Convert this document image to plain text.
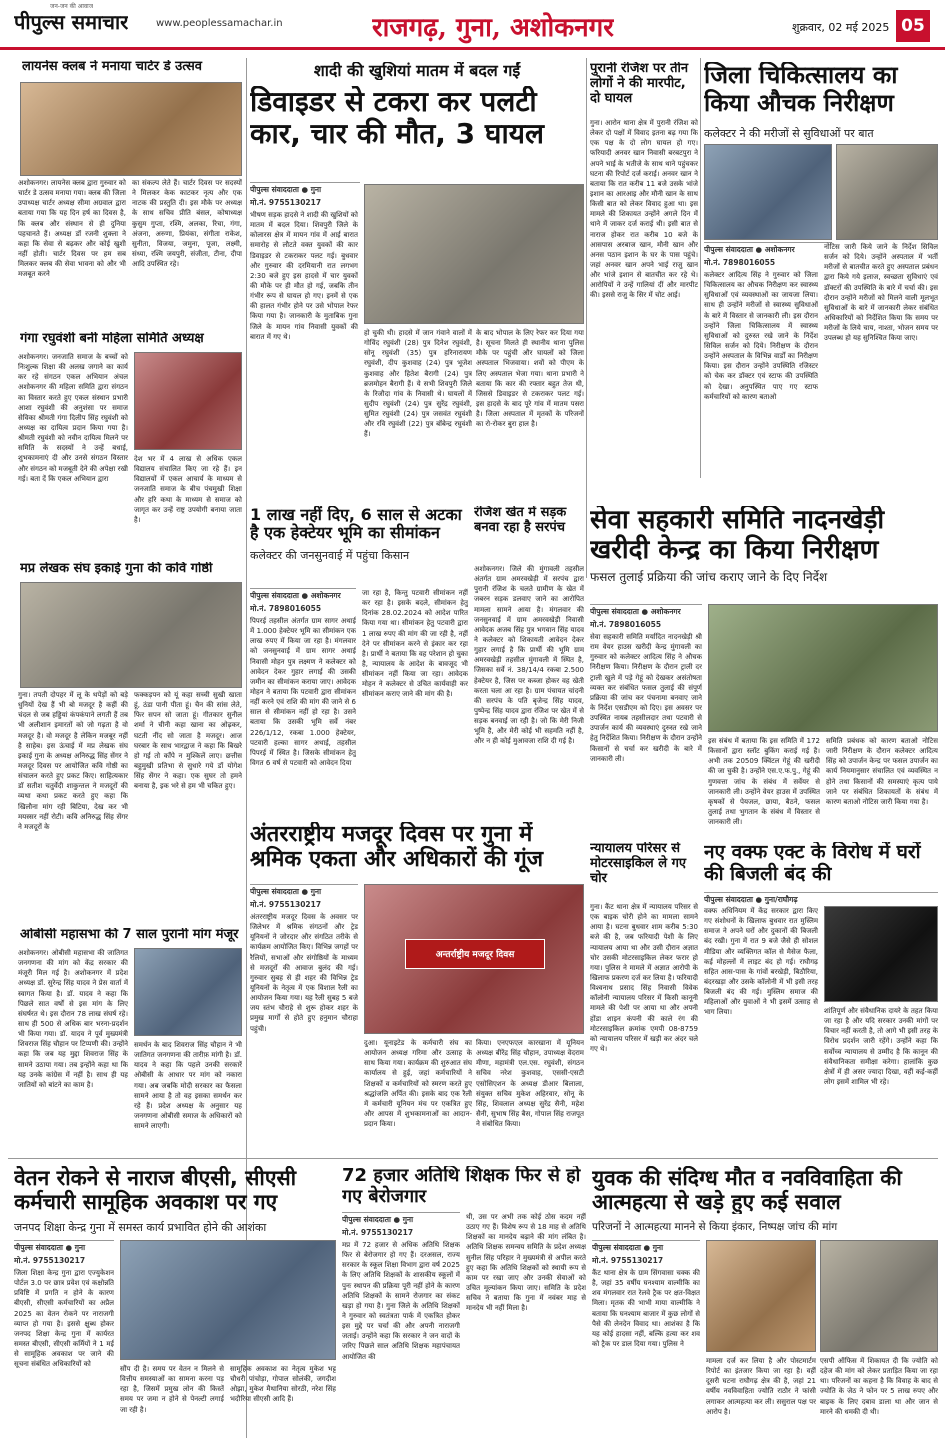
पीपुल्स समाचार
जन-जन की आवाज
www.peoplessamachar.in	राजगढ़, गुना, अशोकनगर	शुक्रवार, 02 मई 2025 05
लायनेस क्लब ने मनाया चार्टर डे उत्सव
अशोकनगर। लायनेस क्लब द्वारा गुरुवार को चार्टर डे उत्सव मनाया गया। क्लब की जिला उपाध्यक्ष चार्टर अध्यक्ष सीमा अग्रवाल द्वारा बताया गया कि यह दिन हर्ष का दिवस है, कि क्लब और संस्थान से ही दुनिया पहचानते हैं। अध्यक्ष डॉ रजनी शुक्ला ने कहा कि सेवा से बढ़कर और कोई खुशी नहीं होती। चार्टर दिवस पर हम सब मिलकर क्लब की सेवा भावना को और भी मजबूत करने
का संकल्प लेते हैं। चार्टर दिवस पर सदस्यों ने मिलकर केक काटकर नृत्य और एक नाटक की प्रस्तुति दी। इस मौके पर अध्यक्ष के साथ सचिव प्रीति बंसल, कोषाध्यक्ष कुसुम गुप्ता, रश्मि, अलका, रिचा, गंगा, अंजना, अरुणा, प्रियंका, संगीता राकेश, सुनीता, विजया, जमुना, पूजा, लक्ष्मी, संध्या, रश्मि जयपुरी, संजीता, टीना, दीपा आदि उपस्थित रहे।
गंगा रघुवंशी बनी महिला समिति अध्यक्ष
अशोकनगर। जनजाति समाज के बच्चों को निःशुल्क शिक्षा की अलख जगाने का कार्य कर रहे संगठन एकल अभियान अंचल अशोकनगर की महिला समिति द्वारा संगठन का विस्तार करते हुए एकल संस्थान प्रभारी आशा रघुवंशी की अनुशंसा पर समाज सेविका श्रीमती गंगा दिलीप सिंह रघुवंशी को अध्यक्ष का दायित्व प्रदान किया गया है। श्रीमती रघुवंशी को नवीन दायित्व मिलने पर समिति के सदस्यों ने उन्हें बधाई, शुभकामनाएं दी और उनसे संगठन विस्तार और संगठन को मजबूती देने की अपेक्षा रखी गई। बता दें कि एकल अभियान द्वारा
देश भर में 4 लाख से अधिक एकल विद्यालय संचालित किए जा रहे हैं। इन विद्यालयों में एकल आचार्य के माध्यम से जनजाति समाज के बीच पंचमुखी शिक्षा और हरि कथा के माध्यम से समाज को जागृत कर उन्हें राष्ट्र उपयोगी बनाया जाता है।
मप्र लेखक संघ इकाई गुना की कवि गोष्ठी
गुना। तपती दोपहर में लू के थपेड़ों को बड़े धुनियों देख हैं भी बो मजदूर है कहीं की चंदल से जब हड्डियां कंपकंपाने लगती हैं तब भी अलीशान इमारतों को जो गढ़ता है वो मजदूर है। वो मजदूर है लेकिन मजबूर नहीं है साहेब। इस ऊंचाई में मप्र लेखक संघ इकाई गुना के अध्यक्ष अनिरुद्ध सिंह सेंगर ने मजदूर दिवस पर आयोजित कवि गोष्ठी का संचालन करते हुए प्रकट किए। साहित्यकार डॉ सतीश चतुर्वेदी शाकुन्तल ने मजदूरों की व्यथा कथा प्रकट करते हुए कहा कि खिलौना मांग रही बिटिया, देख कर भी मयस्सर नहीं रोटी। कवि अनिरुद्ध सिंह सेंगर ने मजदूरों के
फक्कड़पन को यूं कहा सच्ची सुखी खाता हूं, ठंडा पानी पीता हूं। चैन की सांस लेते, फिर सपन सो जाता हूं। गीतकार सुनील शर्मा ने चीनी कहा खाना का ओढ़कर, घटती नींद सो जाता है मजदूर। आज घरबार के साथ भारद्वाज ने कहा कि बिखरे हो गई तो काँपे न मुश्किलें लाए। छत्तीस बहुमुखी प्रतिभा से सुधारे गये डॉ योगेश सिंह सेंगर ने कहा। एक सुघर तो हमने बनाया है, इक भरे से हम भी चकित हुए।
ओबीसी महासभा की 7 साल पुरानी मांग मंजूर
अशोकनगर। ओबीसी महासभा की जातिगत जनगणना की मांग को केंद्र सरकार की मंजूरी मिल गई है। अशोकनगर में प्रदेश अध्यक्ष डॉ. सुरेन्द्र सिंह यादव ने प्रेस वार्ता में स्वागत किया है। डॉ. यादव ने कहा कि पिछले सात वर्षों से इस मांग के लिए संघर्षरत थे। इस दौरान 78 लाख संघर्ष रहे। साथ ही 500 से अधिक बार भरना-प्रदर्शन भी किया गया। डॉ. यादव ने पूर्व मुख्यमंत्री शिवराज सिंह चौहान पर टिप्पणी की। उन्होंने कहा कि जब यह मुद्दा शिवराज सिंह के सामने उठाया गया। तब इन्होंने कहा था कि यह उनके कांग्रेस में नहीं है। साथ ही यह जातियों को बांटने का काम है।
समर्थन के बाद शिवराज सिंह चौहान ने भी जातिगत जनगणना की तारीफ़ मांगी है। डॉ. यादव ने कहा कि पहले उनकी सरकारें ओबीसी के आधार पर मांग को नकारा गया। अब जबकि मोदी सरकार का फैसला सामने आया है तो वह इसका समर्थन कर रहे हैं। प्रदेश अध्यक्ष के अनुसार यह जनगणना ओबीसी समाज के अधिकारों को सामने लाएगी।
शादी की खुशियां मातम में बदल गईं
डिवाइडर से टकरा कर पलटी कार, चार की मौत, 3 घायल
पीपुल्स संवाददाता ● गुना
मो.नं. 9755130217
भीषण सड़क हादसे ने शादी की खुशियों को मातम में बदल दिया। शिवपुरी जिले के कोलारस क्षेत्र में मायन गांव में आई बारात समारोह से लौटते वक्त युवकों की कार डिवाइडर से टकराकर पलट गई। बुधवार और गुरुवार की दरमियानी रात लगभग 2:30 बजे हुए इस हादसे में चार युवकों की मौके पर ही मौत हो गई, जबकि तीन गंभीर रूप से घायल हो गए। इनमें से एक की हालत गंभीर होने पर उसे भोपाल रेफर किया गया है। जानकारी के मुताबिक गुना जिले के मायन गांव निवासी युवकों की बारात में गए थे।	हो चुकी थी। हादसे में जान गंवाने वालों में गोविंद रघुवंशी (28) पुत्र दिनेश रघुवंशी, सोनू रघुवंशी (35) पुत्र हरिनारायण रघुवंशी, दीप कुशवाह (24) पुत्र भूजेश कुशवाह और हितेश बैरागी (24) पुत्र ब्रजमोहन बैरागी हैं। ये सभी शिवपुरी जिले के रिजौदा गांव के निवासी थे। घायलों में सुदीप रघुवंशी (24) पुत्र सुरेंद्र रघुवंशी, सुमित रघुवंशी (24) पुत्र जसवंत रघुवंशी और रवि रघुवंशी (22) पुत्र बॉबेन्द्र रघुवंशी हैं।
के बाद भोपाल के लिए रेफर कर दिया गया है। सूचना मिलते ही स्थानीय थाना पुलिस मौके पर पहुंची और घायलों को जिला अस्पताल भिजवाया। शवों को पीएम के लिए अस्पताल भेजा गया। थाना प्रभारी ने बताया कि कार की रफ्तार बहुत तेज थी, जिससे डिवाइडर से टकराकर पलट गई। इस हादसे के बाद पूरे गांव में मातम पसरा है। जिला अस्पताल में मृतकों के परिजनों का रो-रोकर बुरा हाल है।
पुरानी रंजिश पर तीन लोगों ने की मारपीट, दो घायल
गुना। आरोन थाना क्षेत्र में पुरानी रंजिश को लेकर दो पक्षों में विवाद इतना बढ़ गया कि एक पक्ष के दो लोग घायल हो गए। फरियादी अनवर खान निवासी बरबटपुरा ने अपने भाई के भतीजे के साथ थाने पहुंचकर घटना की रिपोर्ट दर्ज कराई। अनवर खान ने बताया कि रात करीब 11 बजे उसके भांजे इशान का आरआइ और मौनी खान के साथ किसी बात को लेकर विवाद हुआ था। इस मामले की शिकायत उन्होंने अगले दिन में थाने में जाकर दर्ज कराई थी। इसी बात से नाराज होकर रात करीब 10 बजे के आसपास अरबाज खान, मौनी खान और अनस पठान इशान के घर के पास पहुंचे। जहां अनवर खान अपने भाई राजु खान और भांजे इशान से बातचीत कर रहे थे। आरोपियों ने उन्हें गालियां दीं और मारपीट की। इससे राजु के सिर में चोट आई।
जिला चिकित्सालय का किया औचक निरीक्षण
कलेक्टर ने की मरीजों से सुविधाओं पर बात
पीपुल्स संवाददाता ● अशोकनगर
मो.नं. 7898016055
कलेक्टर आदित्य सिंह ने गुरुवार को जिला चिकित्सालय का औचक निरीक्षण कर स्वास्थ्य सुविधाओं एवं व्यवस्थाओं का जायजा लिया। साथ ही उन्होंने मरीजों से स्वास्थ्य सुविधाओं के बारे में विस्तार से जानकारी ली। इस दौरान उन्होंने जिला चिकित्सालय में स्वास्थ्य सुविधाओं को दुरुस्त रखे जाने के निर्देश सिविल सर्जन को दिये। निरीक्षण के दौरान उन्होंने अस्पताल के विभिन्न वार्डों का निरीक्षण किया। इस दौरान उन्होंने उपस्थिति रजिस्टर को चेक कर डॉक्टर एवं स्टाफ की उपस्थिति को देखा। अनुपस्थित पाए गए स्टाफ कर्मचारियों को कारण बताओ
नोटिस जारी किये जाने के निर्देश सिविल सर्जन को दिये। उन्होंने अस्पताल में भर्ती मरीजों से बातचीत करते हुए अस्पताल प्रबंधन द्वारा किये गये इलाज, स्वच्छता सुविधाएं एवं डॉक्टरों की उपस्थिति के बारे में चर्चा की। इस दौरान उन्होंने मरीजों को मिलने वाली मूलभूत सुविधाओं के बारे में जानकारी लेकर संबंधित अधिकारियों को निर्देशित किया कि समय पर मरीजों के लिये चाय, नाश्ता, भोजन समय पर उपलब्ध हो यह सुनिश्चित किया जाए।
1 लाख नहीं दिए, 6 साल से अटका है एक हेक्टेयर भूमि का सीमांकन
कलेक्टर की जनसुनवाई में पहुंचा किसान
पीपुल्स संवाददाता ● अशोकनगर
मो.नं. 7898016055
पिपरई तहसील अंतर्गत ग्राम सागर अथाई में 1.000 हेक्टेयर भूमि का सीमांकन एक लाख रुपए में किया जा रहा है। मंगलवार को जनसुनवाई में ग्राम सागर अथाई निवासी मोहन पुत्र लक्ष्मण ने कलेक्टर को आवेदन देकर गुहार लगाई की उसकी जमीन का सीमांकन कराया जाए। आवेदक मोहन ने बताया कि पटवारी द्वारा सीमांकन नहीं करने एवं राशि की मांग की जाने से 6 साल से सीमांकन नहीं हो रहा है। उसने बताया कि उसकी भूमि सर्वे नंबर 226/1/12, रकबा 1.000 हेक्टेयर, पटवारी हल्का सागर अथाई, तहसील पिपरई में स्थित है। जिसके सीमांकन हेतु विगत 6 वर्ष से पटवारी को आवेदन दिया
जा रहा है, किन्तु पटवारी सीमांकन नहीं कर रहा है। इसके बदले, सीमांकन हेतु दिनांक 28.02.2024 को आदेश पारित किया गया था। सीमांकन हेतु पटवारी द्वारा 1 लाख रुपए की मांग की जा रही है, नहीं देने पर सीमांकन करने से इंकार कर रहा है। प्रार्थी ने बताया कि वह परेशान हो चुका है, न्यायालय के आदेश के बावजूद भी सीमांकन नहीं किया जा रहा। आवेदक मोहन ने कलेक्टर से उचित कार्यवाही कर सीमांकन कराए जाने की मांग की है।
रंजिश खेत में सड़क बनवा रहा है सरपंच
अशोकनगर। जिले की मुंगावली तहसील अंतर्गत ग्राम अमरवखेड़ी में सरपंच द्वारा पुरानी रंजिश के चलते ग्रामीण के खेत में जबरन सड़क डलवाए जाने का आरोपित मामला सामने आया है। मंगलवार की जनसुनवाई में ग्राम अमरवखेड़ी निवासी आवेदक अजब सिंह पुत्र भगवान सिंह यादव ने कलेक्टर को शिकायती आवेदन देकर गुहार लगाई है कि प्रार्थी की भूमि ग्राम अमरवखेड़ी तहसील मुंगावली में स्थित है, जिसका सर्वे नं. 38/14/4 रकबा 2.500 हेक्टेयर है, जिस पर कब्जा होकर वह खेती करता चला आ रहा है। ग्राम पंचायत चांदनी की सरपंच के पति बृजेन्द्र सिंह यादव, पुष्पेन्द्र सिंह यादव द्वारा रंजिश पर खेत में से सड़क बनवाई जा रही है। जो कि मेरी निजी भूमि है, और मेरी कोई भी सहमति नहीं है, और न ही कोई मुआवजा राशि दी गई है।
सेवा सहकारी समिति नादनखेड़ी खरीदी केन्द्र का किया निरीक्षण
फसल तुलाई प्रक्रिया की जांच कराए जाने के दिए निर्देश
पीपुल्स संवाददाता ● अशोकनगर
मो.नं. 7898016055
सेवा सहकारी समिति मर्यादित नादनखेड़ी श्री राम वेयर हाउस खरीदी केन्द्र मुंगावली का गुरुवार को कलेक्टर आदित्य सिंह ने औचक निरीक्षण किया। निरीक्षण के दौरान ट्राली दर ट्राली खुले में पड़े गेहूं को देखकर असंतोषता व्यक्त कर संबंधित फसल तुलाई की संपूर्ण प्रक्रिया की जांच कर पंचनामा बनवाए जाने के निर्देश एसडीएम को दिए। इस अवसर पर उपस्थित नायब तहसीलदार तथा पटवारी से उपार्जन कार्य की व्यवस्थाएं दुरुस्त रखे जाने हेतु निर्देशित किया। निरीक्षण के दौरान उन्होंने किसानों से चर्चा कर खरीदी के बारे में जानकारी ली।
इस संबंध में बताया कि इस समिति में 172 किसानों द्वारा स्लॉट बुकिंग कराई गई है। अभी तक 20509 क्विंटल गेहूं की खरीदी की जा चुकी है। उन्होंने एस.ए.फ.पु., गेहूं की गुणवत्ता जांच के संबंध में सर्वेयर से जानकारी ली। उन्होंने वेयर हाउस में उपस्थित कृषकों से पेयजल, छाया, बैठने, फसल तुलाई तथा भुगतान के संबंध में विस्तार से जानकारी ली।
समिति प्रबंधक को कारण बताओ नोटिस जारी निरीक्षण के दौरान कलेक्टर आदित्य सिंह को उपार्जन केन्द्र पर फसल उपार्जन का कार्य नियमानुसार संचालित एवं व्यवस्थित न होने तथा किसानों की समस्याएं कृत्य पाये जाने पर संबंधित शिकायतों के संबंध में कारण बताओ नोटिस जारी किया गया है।
अंतरराष्ट्रीय मजदूर दिवस पर गुना में श्रमिक एकता और अधिकारों की गूंज
पीपुल्स संवाददाता ● गुना
मो.नं. 9755130217
अंतरराष्ट्रीय मजदूर दिवस के अवसर पर जिलेभर में श्रमिक संगठनों और ट्रेड यूनियनों ने जोरदार और संगठित तरीके से कार्यक्रम आयोजित किए। विभिन्न जगहों पर रैलियों, सभाओं और संगोष्ठियों के माध्यम से मजदूरों की आवाज बुलंद की गई। गुरुवार सुबह से ही शहर की विभिन्न ट्रेड यूनियनों के नेतृत्व में एक विशाल रैली का आयोजन किया गया। यह रैली सुबह 5 बजे जय स्तंभ चौराहे से शुरू होकर शहर के प्रमुख मार्गों से होते हुए हनुमान चौराहा पहुंची।
अन्तर्राष्ट्रीय मजदूर दिवस
दुआ। यूनाइटेड के कर्मचारी संघ का आयोजन अध्यक्ष गरिमा और उत्साह के साथ किया गया। कार्यक्रम की शुरुआत संघ कार्यालय से हुई, जहां कर्मचारियों ने शिक्षकों व कर्मचारियों को स्मरण करते हुए श्रद्धांजलि अर्पित की। इसके बाद एक रैली में कर्मचारी यूनियन मंच पर एकत्रित हुए और आपस में शुभकामनाओं का आदान-प्रदान किया।
किया। एनएफएल कारखाना में यूनियन अध्यक्ष बीरेंद्र सिंह चौहान, उपाध्यक्ष वेदराम मीणा, महामंत्री एल.एस. रघुवंशी, संगठन सचिव नरेश कुशवाह, एससी-एसटी एसोसिएशन के अध्यक्ष डीआर बिलाला, संयुक्त सचिव मुकेश अहिरवार, सोनू के सिंह, शिवलाल अध्यक्ष सुरेंद्र सैनी, महेश सैनी, सुभाष सिंह बैस, गोपाल सिंह राजपूत ने संबोधित किया।
न्यायालय परिसर से मोटरसाइकिल ले गए चोर
गुना। कैंट थाना क्षेत्र में न्यायालय परिसर से एक बाइक चोरी होने का मामला सामने आया है। घटना बुधवार शाम करीब 5:30 बजे की है, जब फरियादी पेशी के लिए न्यायालय आया था और उसी दौरान अज्ञात चोर उसकी मोटरसाइकिल लेकर फरार हो गया। पुलिस ने मामले में अज्ञात आरोपी के खिलाफ प्रकरण दर्ज कर लिया है। फरियादी विश्वनाथ प्रसाद सिंह निवासी विवेक कॉलोनी न्यायालय परिसर में किसी कानूनी मामले की पेशी पर आया था और अपनी होंडा शाइन कंपनी की काले रंग की मोटरसाइकिल क्रमांक एमपी 08-8759 को न्यायालय परिसर में खड़ी कर अंदर चले गए थे।
नए वक्फ एक्ट के विरोध में घरों की बिजली बंद की
पीपुल्स संवाददाता ● गुना/राघौगढ़
वक्फ अधिनियम में केंद्र सरकार द्वारा किए गए संशोधनों के खिलाफ बुधवार रात मुस्लिम समाज ने अपने घरों और दुकानों की बिजली बंद रखी। गुना में रात 9 बजे जैसे ही सोशल मीडिया और व्यक्तिगत कॉल से मैसेज फैला, कई मोहल्लों में लाइट बंद हो गई। राघौगढ़ सहित आस-पास के गांवों बरखेड़ी, बिठौरिया, बंदरखड़ा और उसके कॉलोनी में भी इसी तरह बिजली बंद की गई। मुस्लिम समाज की महिलाओं और युवाओं ने भी इसमें उत्साह से भाग लिया।	शांतिपूर्ण और संवैधानिक दायरे के तहत किया जा रहा है और यदि सरकार उनकी मांगों पर विचार नहीं करती है, तो आगे भी इसी तरह के विरोध प्रदर्शन जारी रहेंगे। उन्होंने कहा कि सर्वोच्च न्यायालय से उम्मीद है कि कानून की संवैधानिकता समीक्षा करेगा। हालांकि कुछ क्षेत्रों में ही असर ज्यादा दिखा, वहीं कई-कहीं लोग इसमें शामिल भी रहे।
वेतन रोकने से नाराज बीएसी, सीएसी कर्मचारी सामूहिक अवकाश पर गए
जनपद शिक्षा केन्द्र गुना में समस्त कार्य प्रभावित होने की आशंका
पीपुल्स संवाददाता ● गुना
मो.नं. 9755130217
जिला शिक्षा केन्द्र गुना द्वारा एज्युकेशन पोर्टल 3.0 पर छात्र प्रवेश एवं कक्षोन्नति प्रविष्टि में प्रगति न होने के कारण बीएसी, सीएसी कर्मचारियों का अप्रैल 2025 का वेतन रोकने पर नाराजगी व्याप्त हो गया है। इससे क्षुब्ध होकर जनपद शिक्षा केन्द्र गुना में कार्यरत समस्त बीएसी, सीएसी कर्मियों ने 1 मई से सामूहिक अवकाश पर जाने की सूचना संबंधित अधिकारियों को
सौंप दी है। समय पर वेतन न मिलने से वित्तीय समस्याओं का सामना करना पड़ रहा है, जिसमें प्रमुख लोन की किस्तें समय पर जमा न होने से पेनल्टी लगाई जा रही है।
सामूहिक अवकाश का नेतृत्व मुकेश भट्ट चौधरी पांचोड़ा, गोपाल सोलंकी, जगदीश ओझा, मुकेश मैथानिया सोरठी, नरेश सिंह भदौरिया सीएसी आदि हैं।
72 हजार अतिथि शिक्षक फिर से हो गए बेरोजगार
पीपुल्स संवाददाता ● गुना
मो.नं. 9755130217
मप्र में 72 हजार से अधिक अतिथि शिक्षक फिर से बेरोजगार हो गए हैं। दरअसल, राज्य सरकार के स्कूल शिक्षा विभाग द्वारा वर्ष 2025 के लिए अतिथि शिक्षकों के शासकीय स्कूलों में पुनः स्थापन की प्रक्रिया पूरी नहीं होने के कारण अतिथि शिक्षकों के सामने रोजगार का संकट खड़ा हो गया है। गुना जिले के अतिथि शिक्षकों ने गुरुवार को स्वतंत्रता पार्क में एकत्रित होकर इस मुद्दे पर चर्चा की और अपनी नाराजगी जताई। उन्होंने कहा कि सरकार ने जन वादों के जरिए पिछले साल अतिथि शिक्षक महापंचायत आयोजित की
थी, उस पर अभी तक कोई ठोस कदम नहीं उठाए गए हैं। विशेष रूप से 18 माह से अतिथि शिक्षकों का मानदेय बढ़ाने की मांग लंबित है। अतिथि शिक्षक समन्वय समिति के प्रदेश अध्यक्ष सुनील सिंह परिहार ने मुख्यमंत्री से अपील करते हुए कहा कि अतिथि शिक्षकों को स्थायी रूप से काम पर रखा जाए और उनकी सेवाओं को उचित मूल्यांकन किया जाए। समिति के प्रदेश सचिव ने बताया कि गुना में नवंबर माह से मानदेय भी नहीं मिला है।
युवक की संदिग्ध मौत व नवविवाहिता की आत्महत्या से खड़े हुए कई सवाल
परिजनों ने आत्महत्या मानने से किया इंकार, निष्पक्ष जांच की मांग
पीपुल्स संवाददाता ● गुना
मो.नं. 9755130217
कैंट थाना क्षेत्र के ग्राम सिंगवासा चक्क की है, जहां 35 वर्षीय घनश्याम वाल्मीकि का शव मंगलवार रात रेलवे ट्रैक पर क्षत-विक्षत मिला। मृतक की भाभी माया वाल्मीकि ने बताया कि घनश्याम बाजार में कुछ लोगों से पैसे की लेनदेन विवाद था। आशंका है कि यह कोई हादसा नहीं, बल्कि हत्या कर शव को ट्रैक पर डाल दिया गया। पुलिस ने
मामला दर्ज कर लिया है और पोस्टमार्टम रिपोर्ट का इंतजार किया जा रहा है। वहीं दूसरी घटना राघौगढ़ क्षेत्र की है, जहां 21 वर्षीय नवविवाहिता ज्योति राठौर ने फांसी लगाकर आत्महत्या कर ली। ससुराल पक्ष पर आरोप है।
एसपी ऑफिस में शिकायत दी कि ज्योति को दहेज की मांग को लेकर प्रताड़ित किया जा रहा था। परिजनों का कहना है कि विवाह के बाद से ज्योति के जेठ ने फोन पर 5 लाख रुपए और बाइक के लिए दबाव डाला था और जान से मारने की धमकी दी थी।
